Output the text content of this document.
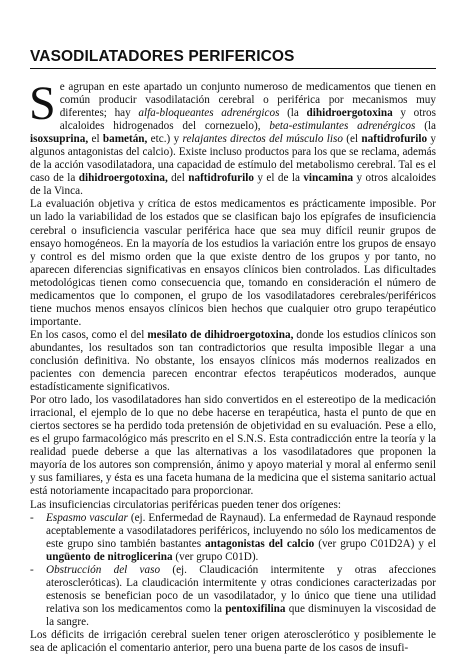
VASODILATADORES PERIFERICOS

Se agrupan en este apartado un conjunto numeroso de medicamentos que tienen en común producir vasodilatación cerebral o periférica por mecanismos muy diferentes; hay alfa-bloqueantes adrenérgicos (la dihidroergotoxina y otros alcaloides hidrogenados del cornezuelo), beta-estimulantes adrenérgicos (la isoxsuprina, el bametán, etc.) y relajantes directos del músculo liso (el naftidrofurilo y algunos antagonistas del calcio). Existe incluso productos para los que se reclama, además de la acción vasodilatadora, una capacidad de estímulo del metabolismo cerebral. Tal es el caso de la dihidroergotoxina, del naftidrofurilo y el de la vincamina y otros alcaloides de la Vinca.

La evaluación objetiva y crítica de estos medicamentos es prácticamente imposible. Por un lado la variabilidad de los estados que se clasifican bajo los epígrafes de insuficiencia cerebral o insuficiencia vascular periférica hace que sea muy difícil reunir grupos de ensayo homogéneos. En la mayoría de los estudios la variación entre los grupos de ensayo y control es del mismo orden que la que existe dentro de los grupos y por tanto, no aparecen diferencias significativas en ensayos clínicos bien controlados. Las dificultades metodológicas tienen como consecuencia que, tomando en consideración el número de medicamentos que lo componen, el grupo de los vasodilatadores cerebrales/periféricos tiene muchos menos ensayos clínicos bien hechos que cualquier otro grupo terapéutico importante.

En los casos, como el del mesilato de dihidroergotoxina, donde los estudios clínicos son abundantes, los resultados son tan contradictorios que resulta imposible llegar a una conclusión definitiva. No obstante, los ensayos clínicos más modernos realizados en pacientes con demencia parecen encontrar efectos terapéuticos moderados, aunque estadísticamente significativos.

Por otro lado, los vasodilatadores han sido convertidos en el estereotipo de la medicación irracional, el ejemplo de lo que no debe hacerse en terapéutica, hasta el punto de que en ciertos sectores se ha perdido toda pretensión de objetividad en su evaluación. Pese a ello, es el grupo farmacológico más prescrito en el S.N.S. Esta contradicción entre la teoría y la realidad puede deberse a que las alternativas a los vasodilatadores que proponen la mayoría de los autores son comprensión, ánimo y apoyo material y moral al enfermo senil y sus familiares, y ésta es una faceta humana de la medicina que el sistema sanitario actual está notoriamente incapacitado para proporcionar.

Las insuficiencias circulatorias periféricas pueden tener dos orígenes:

- Espasmo vascular (ej. Enfermedad de Raynaud). La enfermedad de Raynaud responde aceptablemente a vasodilatadores periféricos, incluyendo no sólo los medicamentos de este grupo sino también bastantes antagonistas del calcio (ver grupo C01D2A) y el ungüento de nitroglicerina (ver grupo C01D).
- Obstrucción del vaso (ej. Claudicación intermitente y otras afecciones ateroscleróticas). La claudicación intermitente y otras condiciones caracterizadas por estenosis se benefician poco de un vasodilatador, y lo único que tiene una utilidad relativa son los medicamentos como la pentoxifilina que disminuyen la viscosidad de la sangre.

Los déficits de irrigación cerebral suelen tener origen aterosclerótico y posiblemente le sea de aplicación el comentario anterior, pero una buena parte de los casos de insufi-
